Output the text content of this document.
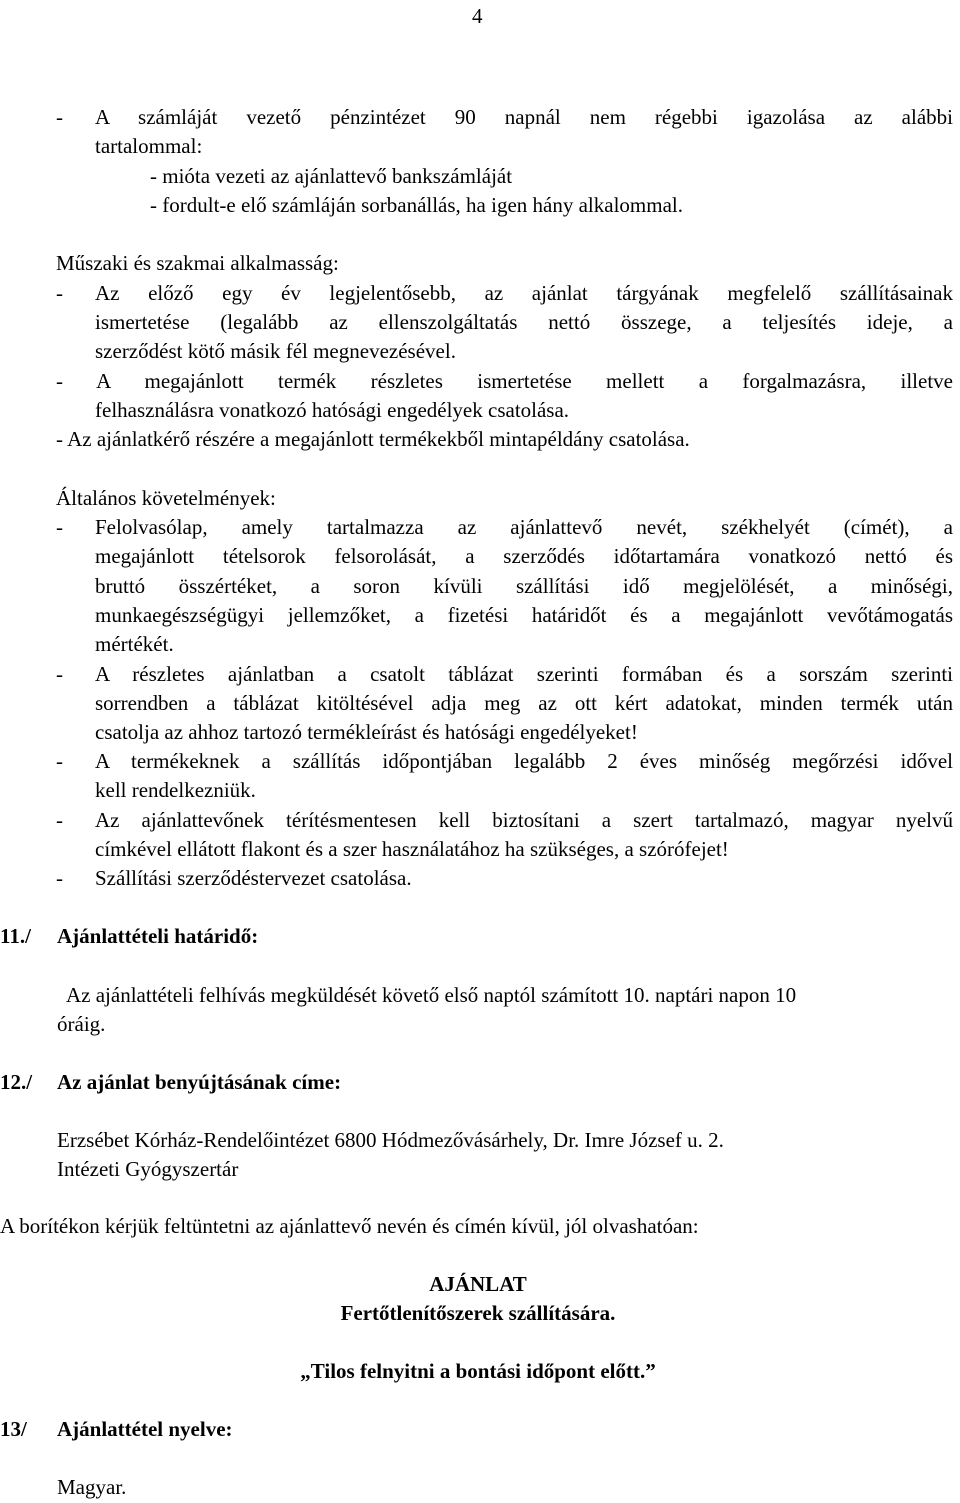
4
- A számláját vezető pénzintézet 90 napnál nem régebbi igazolása az alábbi
tartalommal:
- mióta vezeti az ajánlattevő bankszámláját
- fordult-e elő számláján sorbanállás, ha igen hány alkalommal.
Műszaki és szakmai alkalmasság:
- Az előző egy év legjelentősebb, az ajánlat tárgyának megfelelő szállításainak
ismertetése (legalább az ellenszolgáltatás nettó összege, a teljesítés ideje, a
szerződést kötő másik fél megnevezésével.
- A megajánlott termék részletes ismertetése mellett a forgalmazásra, illetve
felhasználásra vonatkozó hatósági engedélyek csatolása.
- Az ajánlatkérő részére a megajánlott termékekből mintapéldány csatolása.
Általános követelmények:
- Felolvasólap, amely tartalmazza az ajánlattevő nevét, székhelyét (címét), a
megajánlott tételsorok felsorolását, a szerződés időtartamára vonatkozó nettó és
bruttó összértéket, a soron kívüli szállítási idő megjelölését, a minőségi,
munkaegészségügyi jellemzőket, a fizetési határidőt és a megajánlott vevőtámogatás
mértékét.
- A részletes ajánlatban a csatolt táblázat szerinti formában és a sorszám szerinti
sorrendben a táblázat kitöltésével adja meg az ott kért adatokat, minden termék után
csatolja az ahhoz tartozó termékleírást és hatósági engedélyeket!
- A termékeknek a szállítás időpontjában legalább 2 éves minőség megőrzési idővel
kell rendelkezniük.
- Az ajánlattevőnek térítésmentesen kell biztosítani a szert tartalmazó, magyar nyelvű
címkével ellátott flakont és a szer használatához ha szükséges, a szórófejet!
- Szállítási szerződéstervezet csatolása.
11./ Ajánlattételi határidő:
Az ajánlattételi felhívás megküldését követő első naptól számított 10. naptári napon 10
óráig.
12./ Az ajánlat benyújtásának címe:
Erzsébet Kórház-Rendelőintézet 6800 Hódmezővásárhely, Dr. Imre József u. 2.
Intézeti Gyógyszertár
A borítékon kérjük feltüntetni az ajánlattevő nevén és címén kívül, jól olvashatóan:
AJÁNLAT
Fertőtlenítőszerek szállítására.
„Tilos felnyitni a bontási időpont előtt.”
13/ Ajánlattétel nyelve:
Magyar.
